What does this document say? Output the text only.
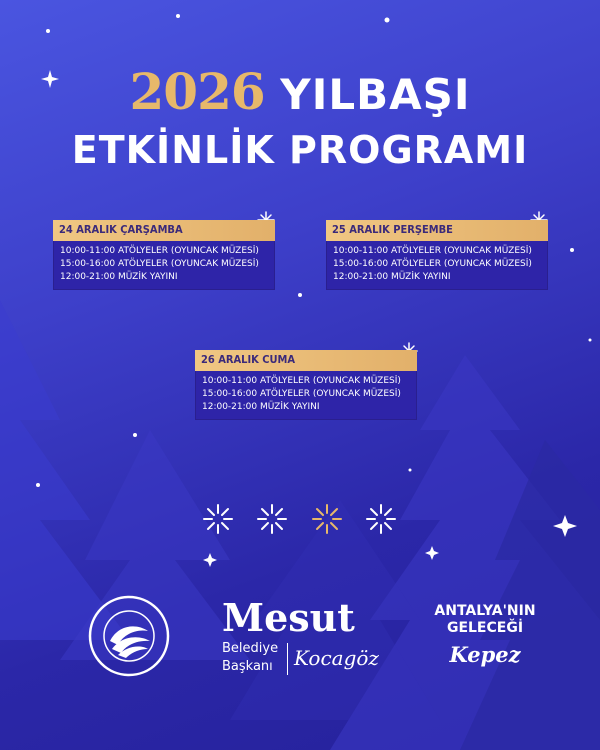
2026 YILBAŞI
ETKİNLİK PROGRAMI
24 ARALIK ÇARŞAMBA
10:00-11:00 ATÖLYELER (OYUNCAK MÜZESİ)
15:00-16:00 ATÖLYELER (OYUNCAK MÜZESİ)
12:00-21:00 MÜZİK YAYINI
25 ARALIK PERŞEMBE
10:00-11:00 ATÖLYELER (OYUNCAK MÜZESİ)
15:00-16:00 ATÖLYELER (OYUNCAK MÜZESİ)
12:00-21:00 MÜZİK YAYINI
26 ARALIK CUMA
10:00-11:00 ATÖLYELER (OYUNCAK MÜZESİ)
15:00-16:00 ATÖLYELER (OYUNCAK MÜZESİ)
12:00-21:00 MÜZİK YAYINI
Mesut
Belediye
Başkanı	Kocagöz
ANTALYA'NIN
GELECEĞİ
Kepez
